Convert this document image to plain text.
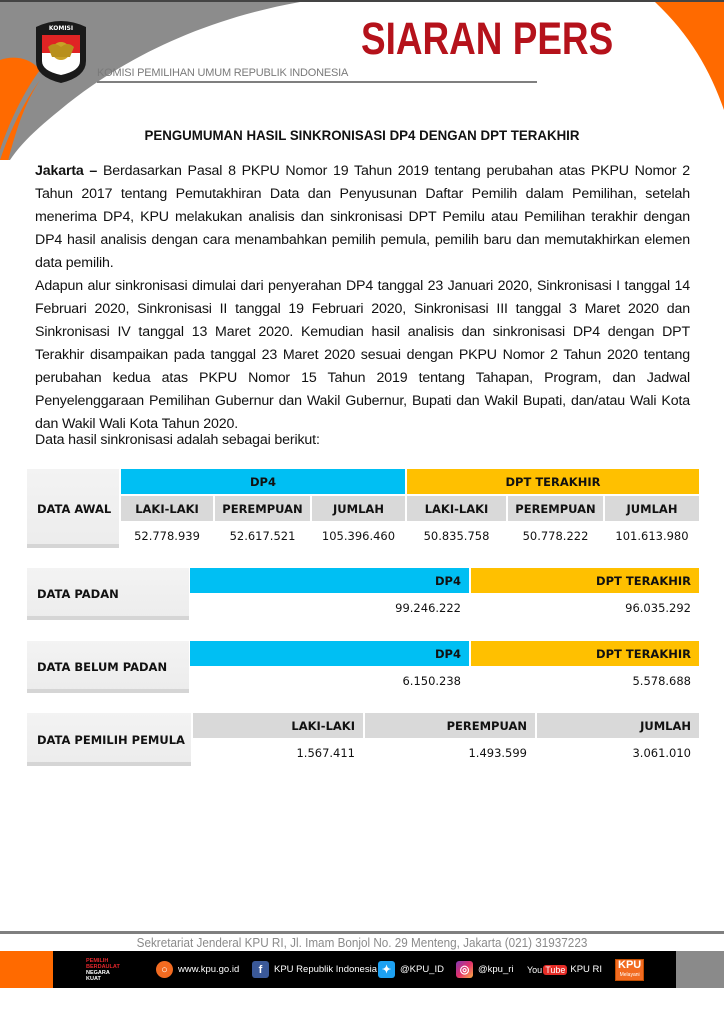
KOMISI
KOMISI PEMILIHAN UMUM REPUBLIK INDONESIA
SIARAN PERS
PENGUMUMAN HASIL SINKRONISASI DP4 DENGAN DPT TERAKHIR
Jakarta – Berdasarkan Pasal 8 PKPU Nomor 19 Tahun 2019 tentang perubahan atas PKPU Nomor 2 Tahun 2017 tentang Pemutakhiran Data dan Penyusunan Daftar Pemilih dalam Pemilihan, setelah menerima DP4, KPU melakukan analisis dan sinkronisasi DPT Pemilu atau Pemilihan terakhir dengan DP4 hasil analisis dengan cara menambahkan pemilih pemula, pemilih baru dan memutakhirkan elemen data pemilih.
Adapun alur sinkronisasi dimulai dari penyerahan DP4 tanggal 23 Januari 2020, Sinkronisasi I tanggal 14 Februari 2020, Sinkronisasi II tanggal 19 Februari 2020, Sinkronisasi III tanggal 3 Maret 2020 dan Sinkronisasi IV tanggal 13 Maret 2020. Kemudian hasil analisis dan sinkronisasi DP4 dengan DPT Terakhir disampaikan pada tanggal 23 Maret 2020 sesuai dengan PKPU Nomor 2 Tahun 2020 tentang perubahan kedua atas PKPU Nomor 15 Tahun 2019 tentang Tahapan, Program, dan Jadwal Penyelenggaraan Pemilihan Gubernur dan Wakil Gubernur, Bupati dan Wakil Bupati, dan/atau Wali Kota dan Wakil Wali Kota Tahun 2020.
Data hasil sinkronisasi adalah sebagai berikut:
DATA AWAL
DP4	DPT TERAKHIR
LAKI-LAKI	PEREMPUAN	JUMLAH	LAKI-LAKI	PEREMPUAN	JUMLAH
52.778.939	52.617.521	105.396.460	50.835.758	50.778.222	101.613.980
DATA PADAN
DP4	DPT TERAKHIR
99.246.222	96.035.292
DATA BELUM PADAN
DP4	DPT TERAKHIR
6.150.238	5.578.688
DATA PEMILIH PEMULA
LAKI-LAKI	PEREMPUAN	JUMLAH
1.567.411	1.493.599	3.061.010
Sekretariat Jenderal KPU RI, Jl. Imam Bonjol No. 29 Menteng, Jakarta (021) 31937223
PEMILIH
BERDAULAT
NEGARA
KUAT
○	www.kpu.go.id	f	KPU Republik Indonesia ✦ @KPU_ID	◎ @kpu_ri You Tube KPU RI KPU
Melayani
